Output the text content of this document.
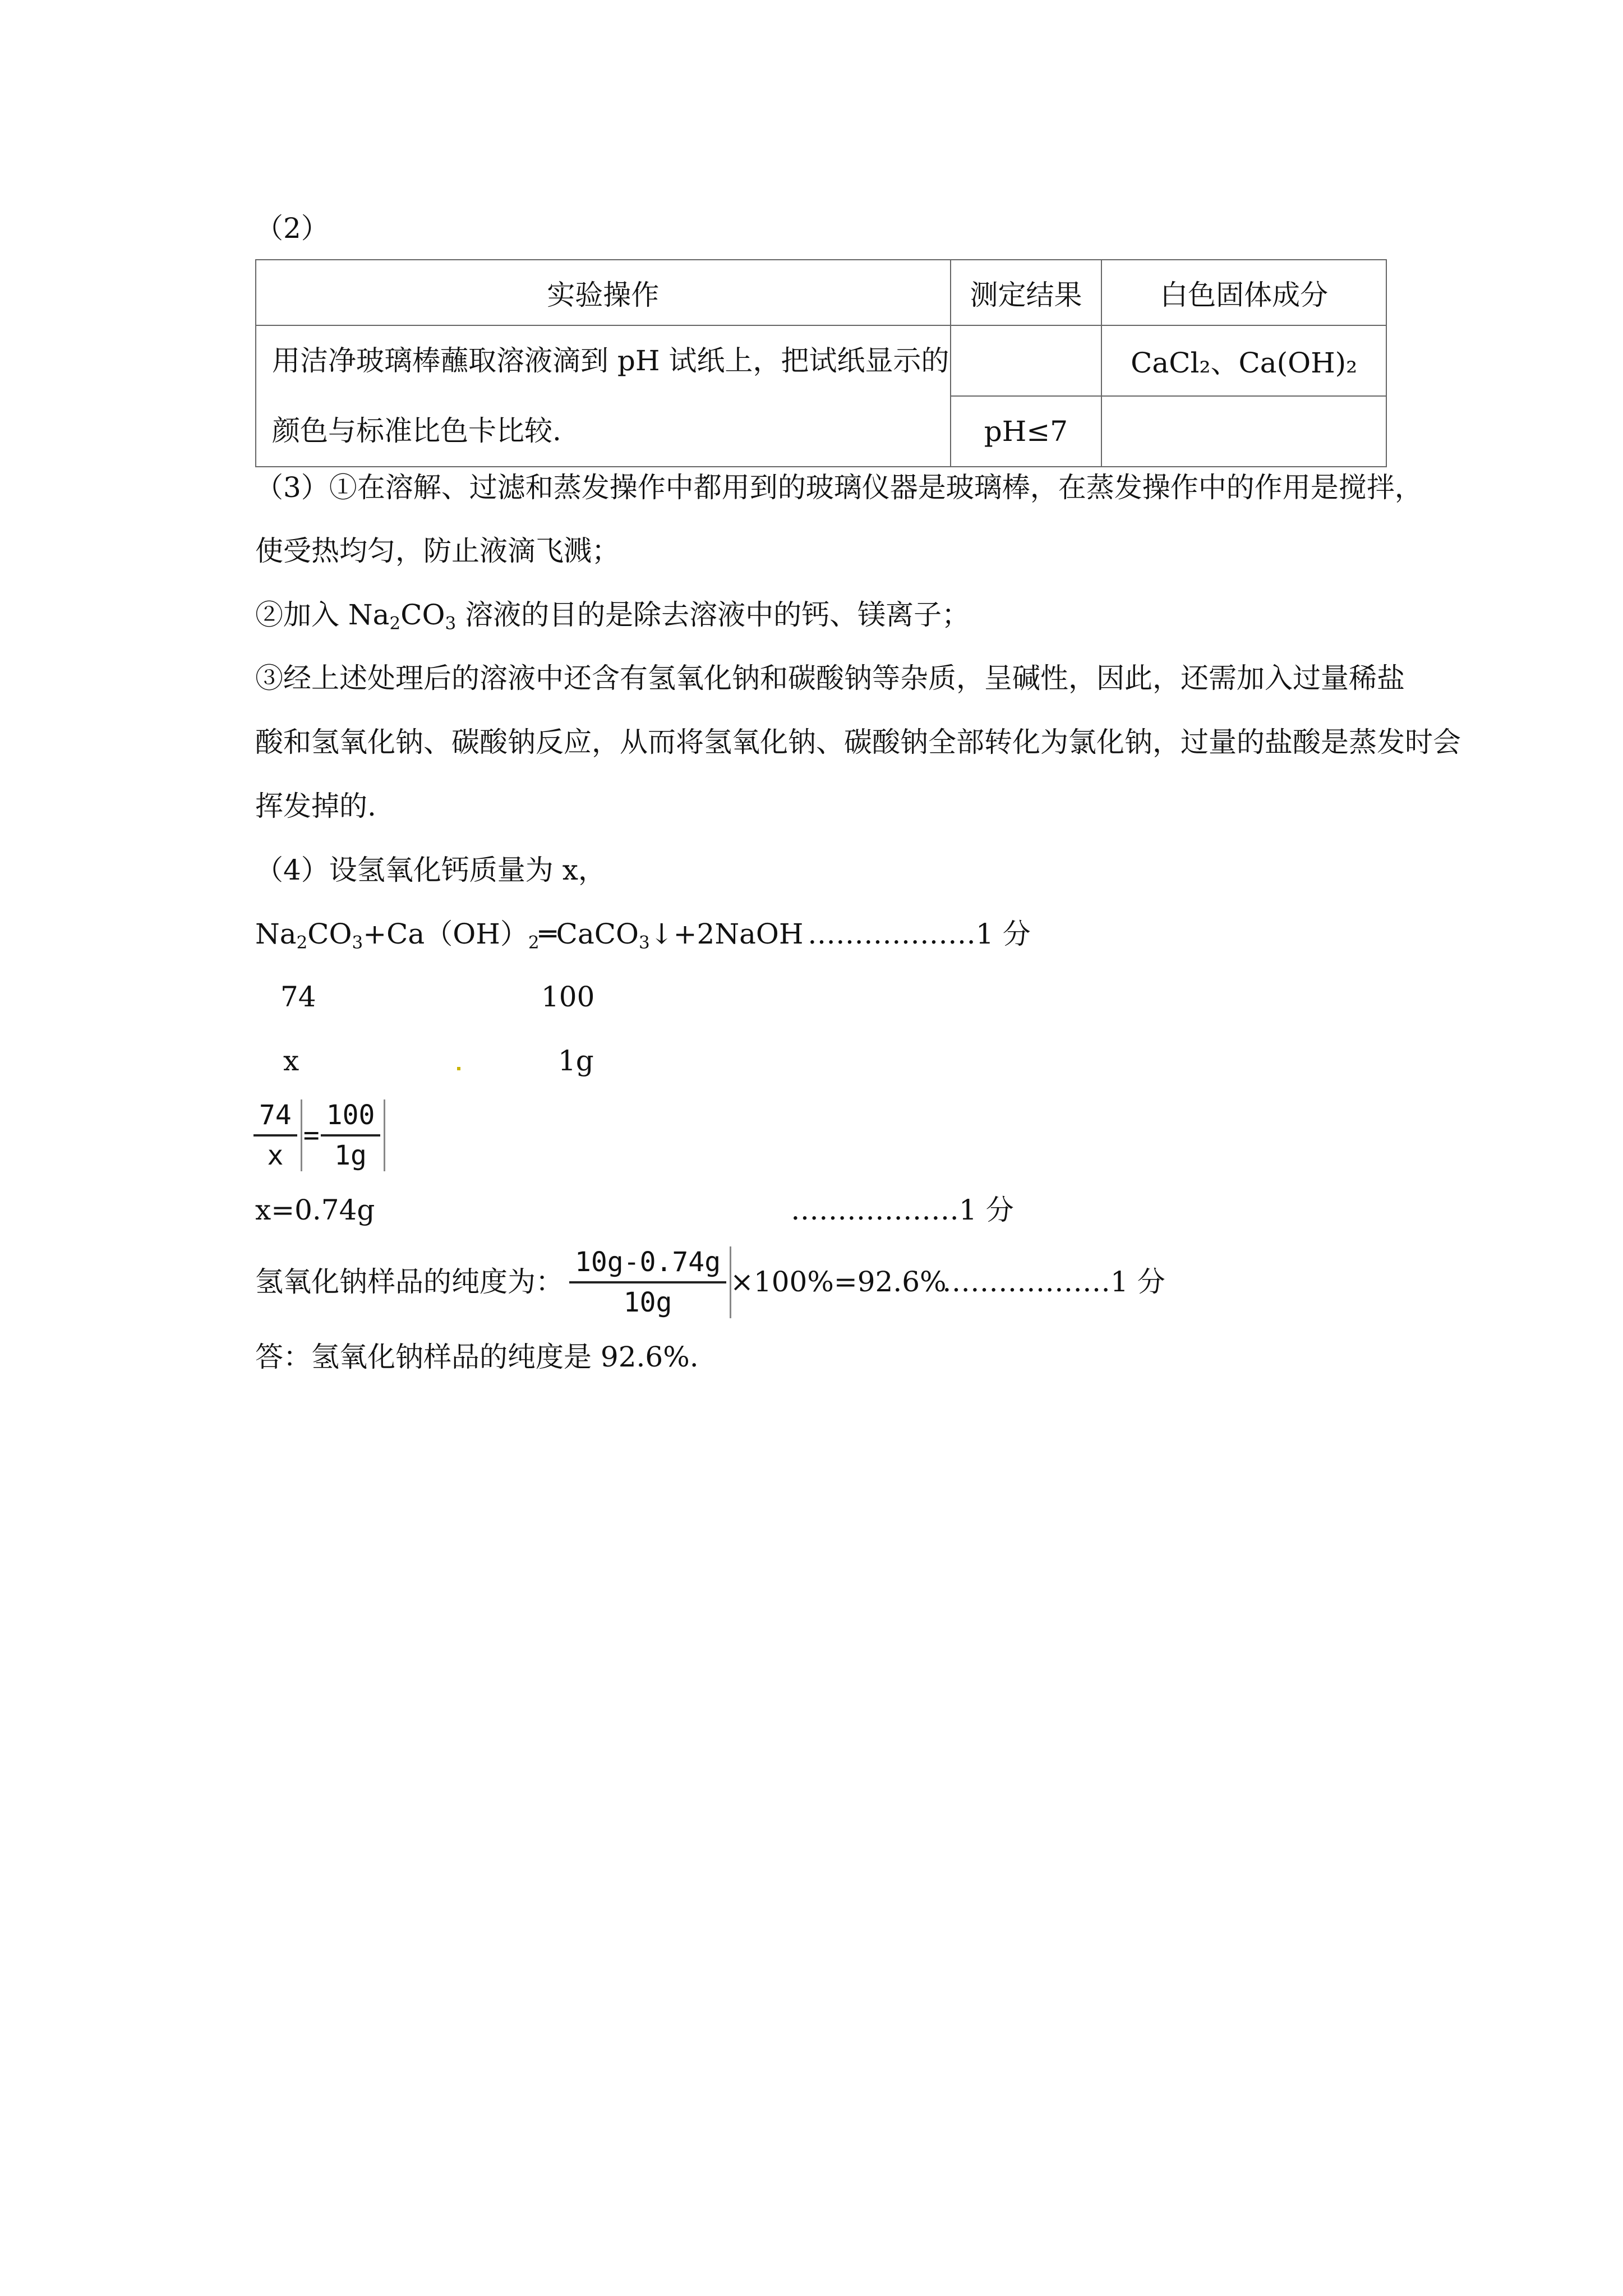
（2）
实验操作	测定结果	白色固体成分

用洁净玻璃棒蘸取溶液滴到 pH 试纸上，把试纸显示的
颜色与标准比色卡比较.		CaCl₂、Ca(OH)₂
	pH≤7	
（3）①在溶解、过滤和蒸发操作中都用到的玻璃仪器是玻璃棒，在蒸发操作中的作用是搅拌，
使受热均匀，防止液滴飞溅；
②加入 $Na_2CO_3$ 溶液的目的是除去溶液中的钙、镁离子；
③经上述处理后的溶液中还含有氢氧化钠和碳酸钠等杂质，呈碱性，因此，还需加入过量稀盐
酸和氢氧化钠、碳酸钠反应，从而将氢氧化钠、碳酸钠全部转化为氯化钠，过量的盐酸是蒸发时会
挥发掉的.
（4）设氢氧化钙质量为 x，
$Na_2CO_3+Ca(OH)_2═CaCO_3↓+2NaOH$ ………………1 分
74	100
x	1g
$\frac{74}{x} = \frac{100}{1g}$
x=0.74g	………………1 分
氢氧化钠样品的纯度为： $\frac{10g-0.74g}{10g}$
×100%=92.6%
………………1 分
答：氢氧化钠样品的纯度是 92.6%.
